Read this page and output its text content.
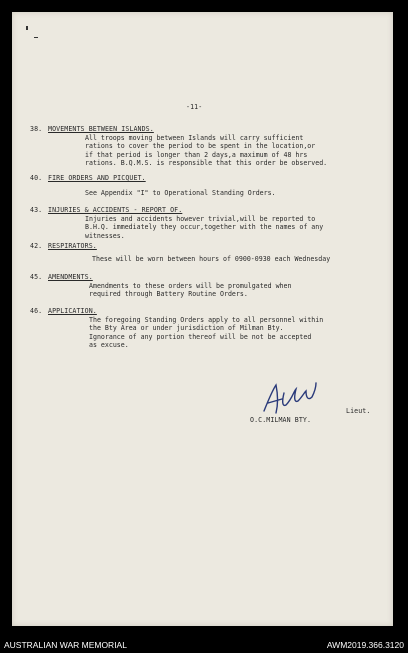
-11-
38. MOVEMENTS BETWEEN ISLANDS.
All troops moving between Islands will carry sufficient
rations to cover the period to be spent in the location,or
if that period is longer than 2 days,a maximum of 48 hrs
rations. B.Q.M.S. is responsible that this order be observed.
40. FIRE ORDERS AND PICQUET.
See Appendix "I" to Operational Standing Orders.
43. INJURIES & ACCIDENTS - REPORT OF.
Injuries and accidents however trivial,will be reported to
B.H.Q. immediately they occur,together with the names of any
witnesses.
42. RESPIRATORS.
These will be worn between hours of 0900-0930 each Wednesday
45. AMENDMENTS.
Amendments to these orders will be promulgated when
required through Battery Routine Orders.
46. APPLICATION.
The foregoing Standing Orders apply to all personnel within
the Bty Area or under jurisdiction of Milman Bty.
Ignorance of any portion thereof will be not be accepted
as excuse.
Lieut.
O.C.MILMAN BTY.
AUSTRALIAN WAR MEMORIAL	AWM2019.366.3120
